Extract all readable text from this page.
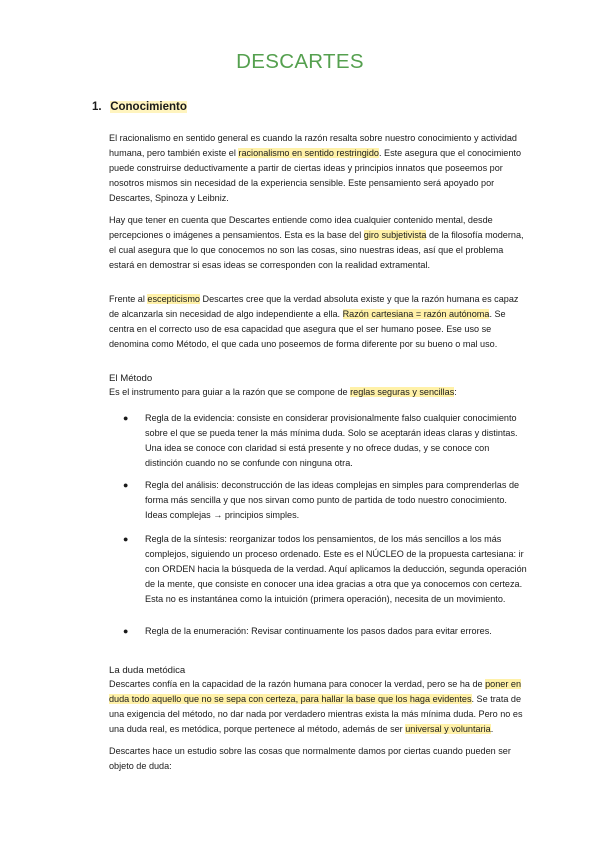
DESCARTES
1. Conocimiento
El racionalismo en sentido general es cuando la razón resalta sobre nuestro conocimiento y actividad humana, pero también existe el racionalismo en sentido restringido. Este asegura que el conocimiento puede construirse deductivamente a partir de ciertas ideas y principios innatos que poseemos por nosotros mismos sin necesidad de la experiencia sensible. Este pensamiento será apoyado por Descartes, Spinoza y Leibniz.
Hay que tener en cuenta que Descartes entiende como idea cualquier contenido mental, desde percepciones o imágenes a pensamientos. Esta es la base del giro subjetivista de la filosofía moderna, el cual asegura que lo que conocemos no son las cosas, sino nuestras ideas, así que el problema estará en demostrar si esas ideas se corresponden con la realidad extramental.
Frente al escepticismo Descartes cree que la verdad absoluta existe y que la razón humana es capaz de alcanzarla sin necesidad de algo independiente a ella. Razón cartesiana = razón autónoma. Se centra en el correcto uso de esa capacidad que asegura que el ser humano posee. Ese uso se denomina como Método, el que cada uno poseemos de forma diferente por su bueno o mal uso.
El Método
Es el instrumento para guiar a la razón que se compone de reglas seguras y sencillas:
● Regla de la evidencia: consiste en considerar provisionalmente falso cualquier conocimiento sobre el que se pueda tener la más mínima duda. Solo se aceptarán ideas claras y distintas. Una idea se conoce con claridad si está presente y no ofrece dudas, y se conoce con distinción cuando no se confunde con ninguna otra.
● Regla del análisis: deconstrucción de las ideas complejas en simples para comprenderlas de forma más sencilla y que nos sirvan como punto de partida de todo nuestro conocimiento. Ideas complejas → principios simples.
● Regla de la síntesis: reorganizar todos los pensamientos, de los más sencillos a los más complejos, siguiendo un proceso ordenado. Este es el NÚCLEO de la propuesta cartesiana: ir con ORDEN hacia la búsqueda de la verdad. Aquí aplicamos la deducción, segunda operación de la mente, que consiste en conocer una idea gracias a otra que ya conocemos con certeza. Esta no es instantánea como la intuición (primera operación), necesita de un movimiento.
● Regla de la enumeración: Revisar continuamente los pasos dados para evitar errores.
La duda metódica
Descartes confía en la capacidad de la razón humana para conocer la verdad, pero se ha de poner en duda todo aquello que no se sepa con certeza, para hallar la base que los haga evidentes. Se trata de una exigencia del método, no dar nada por verdadero mientras exista la más mínima duda. Pero no es una duda real, es metódica, porque pertenece al método, además de ser universal y voluntaria.
Descartes hace un estudio sobre las cosas que normalmente damos por ciertas cuando pueden ser objeto de duda:
